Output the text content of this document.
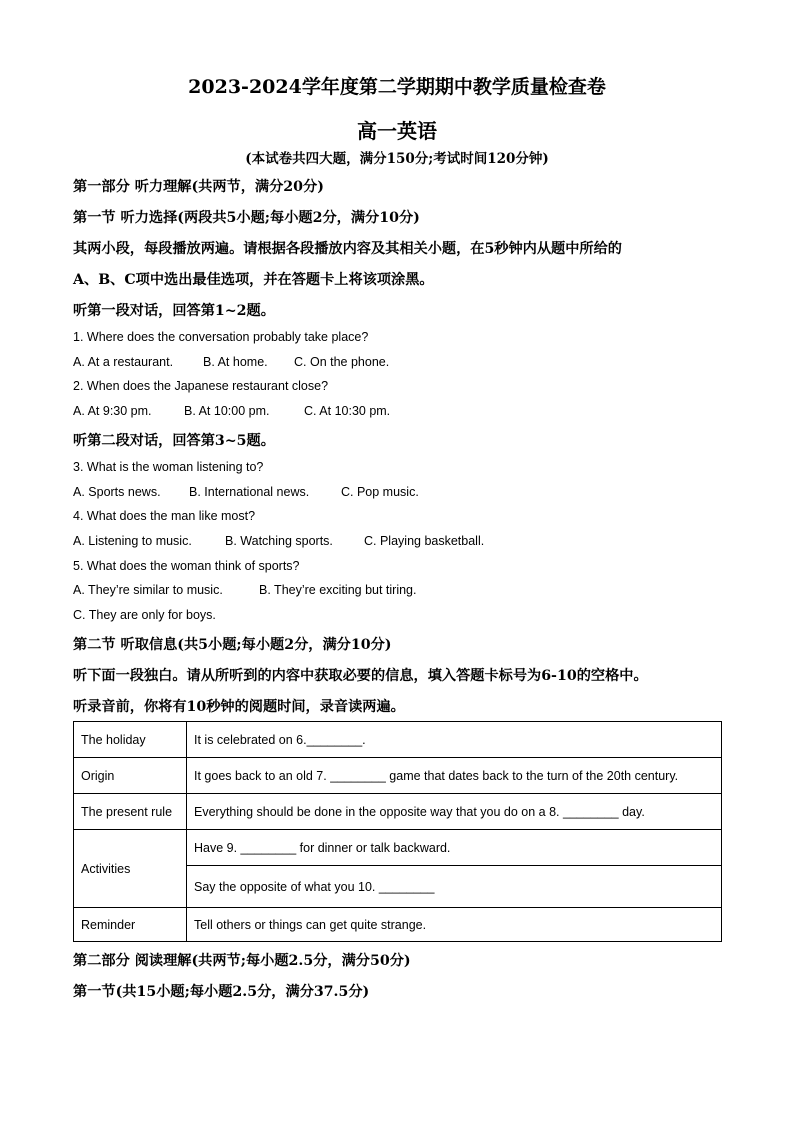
2023-2024学年度第二学期期中教学质量检查卷
高一英语
(本试卷共四大题，满分150分;考试时间120分钟)
第一部分 听力理解(共两节，满分20分)
第一节 听力选择(两段共5小题;每小题2分，满分10分)
其两小段，每段播放两遍。请根据各段播放内容及其相关小题，在5秒钟内从题中所给的
A、B、C项中选出最佳选项，并在答题卡上将该项涂黑。
听第一段对话，回答第1~2题。
1. Where does the conversation probably take place?
A. At a restaurant. B. At home. C. On the phone.
2. When does the Japanese restaurant close?
A. At 9:30 pm.	B. At 10:00 pm.	C. At 10:30 pm.
听第二段对话，回答第3~5题。
3. What is the woman listening to?
A. Sports news. B. International news.	C. Pop music.
4. What does the man like most?
A. Listening to music.	B. Watching sports. C. Playing basketball.
5. What does the woman think of sports?
A. They’re similar to music.	B. They’re exciting but tiring.
C. They are only for boys.
第二节 听取信息(共5小题;每小题2分，满分10分)
听下面一段独白。请从所听到的内容中获取必要的信息，填入答题卡标号为6-10的空格中。
听录音前，你将有10秒钟的阅题时间，录音读两遍。
The holiday	It is celebrated on 6.________.
Origin	It goes back to an old 7. ________ game that dates back to the turn of the 20th century.
The present rule	Everything should be done in the opposite way that you do on a 8. ________ day.
Activities	Have 9. ________ for dinner or talk backward.
	Say the opposite of what you 10. ________
Reminder	Tell others or things can get quite strange.
第二部分 阅读理解(共两节;每小题2.5分，满分50分)
第一节(共15小题;每小题2.5分，满分37.5分)
